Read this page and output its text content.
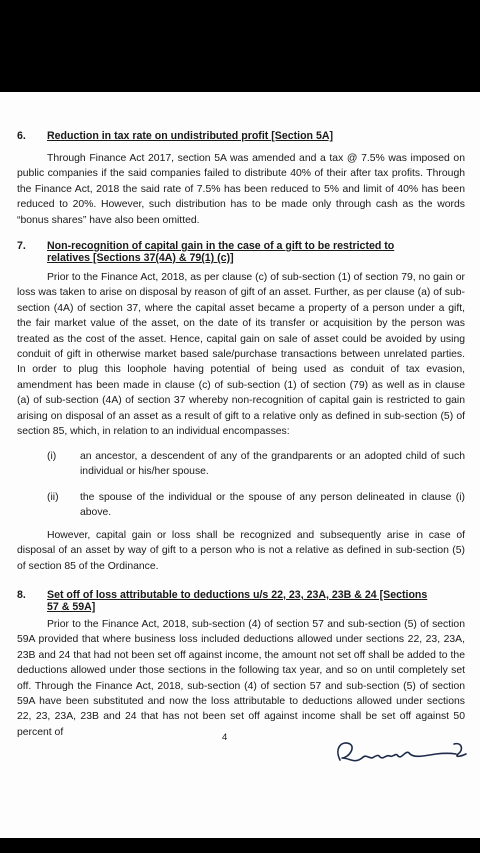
6. Reduction in tax rate on undistributed profit [Section 5A]

Through Finance Act 2017, section 5A was amended and a tax @ 7.5% was imposed on public companies if the said companies failed to distribute 40% of their after tax profits. Through the Finance Act, 2018 the said rate of 7.5% has been reduced to 5% and limit of 40% has been reduced to 20%. However, such distribution has to be made only through cash as the words “bonus shares” have also been omitted.

7. Non-recognition of capital gain in the case of a gift to be restricted to
relatives [Sections 37(4A) & 79(1) (c)]

Prior to the Finance Act, 2018, as per clause (c) of sub-section (1) of section 79, no gain or loss was taken to arise on disposal by reason of gift of an asset. Further, as per clause (a) of sub-section (4A) of section 37, where the capital asset became a property of a person under a gift, the fair market value of the asset, on the date of its transfer or acquisition by the person was treated as the cost of the asset. Hence, capital gain on sale of asset could be avoided by using conduit of gift in otherwise market based sale/purchase transactions between unrelated parties. In order to plug this loophole having potential of being used as conduit of tax evasion, amendment has been made in clause (c) of sub-section (1) of section (79) as well as in clause (a) of sub-section (4A) of section 37 whereby non-recognition of capital gain is restricted to gain arising on disposal of an asset as a result of gift to a relative only as defined in sub-section (5) of section 85, which, in relation to an individual encompasses:

(i) an ancestor, a descendent of any of the grandparents or an adopted child of such individual or his/her spouse.

(ii) the spouse of the individual or the spouse of any person delineated in clause (i) above.

However, capital gain or loss shall be recognized and subsequently arise in case of disposal of an asset by way of gift to a person who is not a relative as defined in sub-section (5) of section 85 of the Ordinance.

8. Set off of loss attributable to deductions u/s 22, 23, 23A, 23B & 24 [Sections
57 & 59A]

Prior to the Finance Act, 2018, sub-section (4) of section 57 and sub-section (5) of section 59A provided that where business loss included deductions allowed under sections 22, 23, 23A, 23B and 24 that had not been set off against income, the amount not set off shall be added to the deductions allowed under those sections in the following tax year, and so on until completely set off. Through the Finance Act, 2018, sub-section (4) of section 57 and sub-section (5) of section 59A have been substituted and now the loss attributable to deductions allowed under sections 22, 23, 23A, 23B and 24 that has not been set off against income shall be set off against 50 percent of	4
